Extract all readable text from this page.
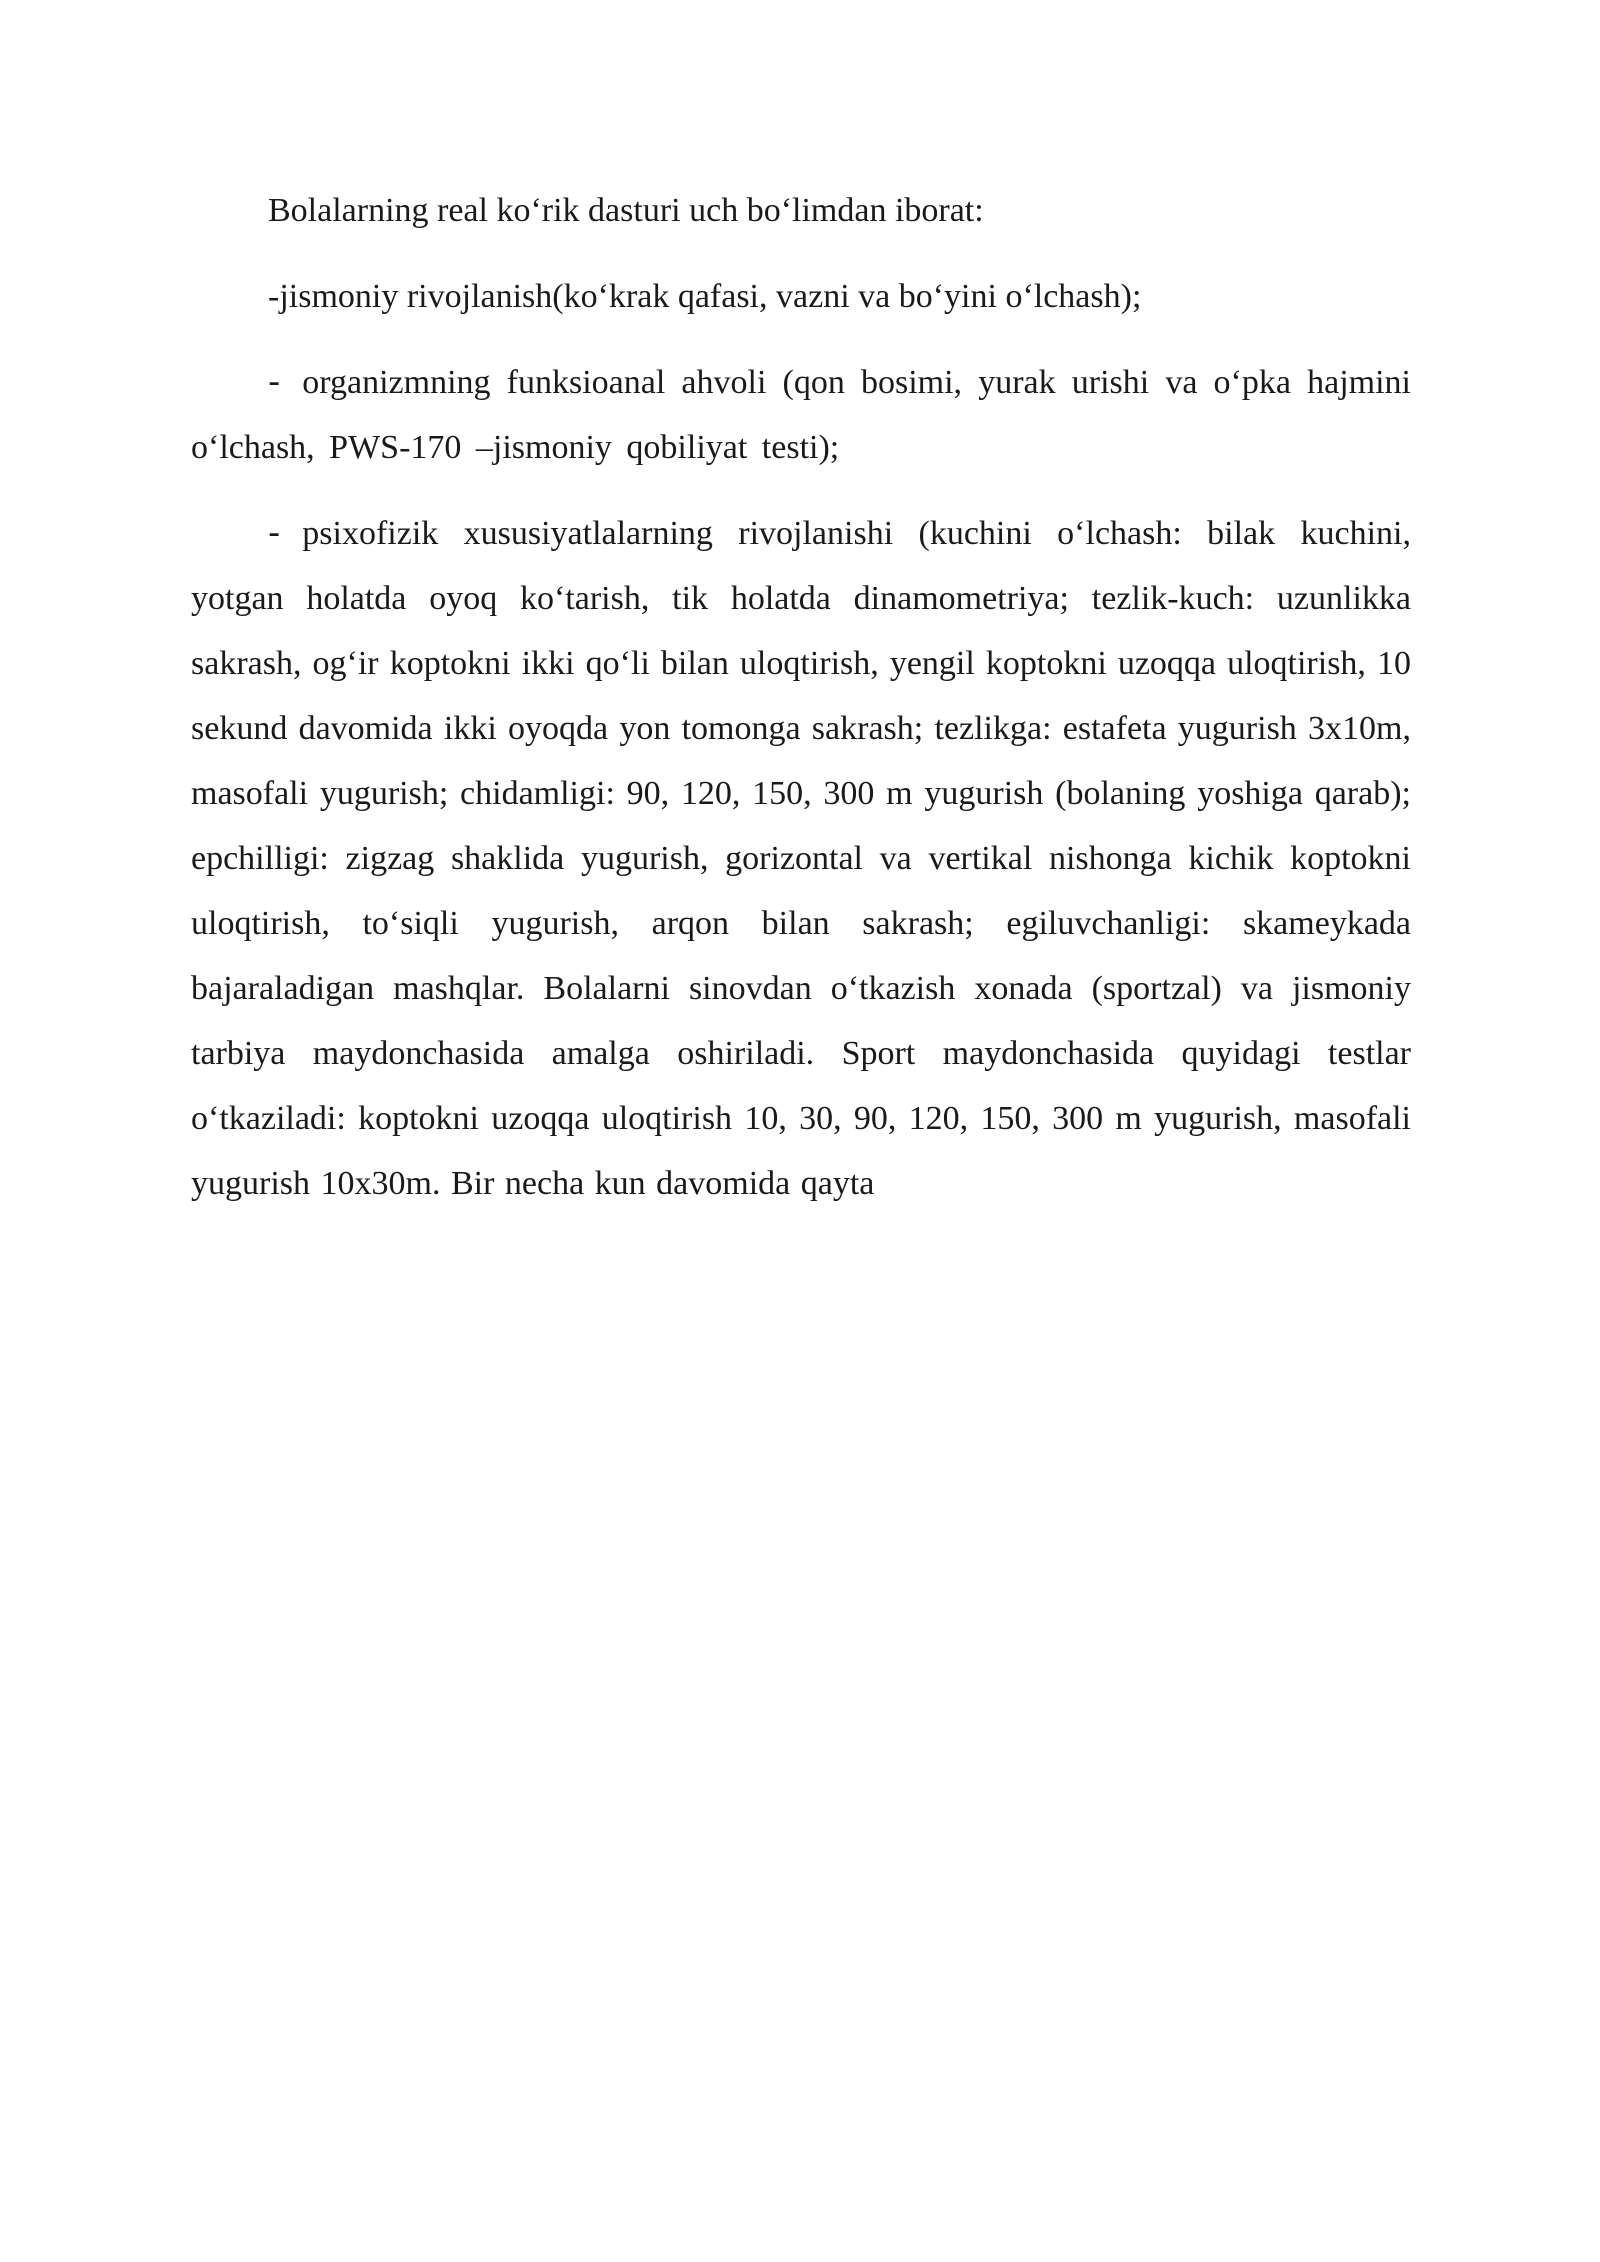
Bolalarning real ko‘rik dasturi uch bo‘limdan iborat:

-jismoniy rivojlanish(ko‘krak qafasi, vazni va bo‘yini o‘lchash);

- organizmning funksioanal ahvoli (qon bosimi, yurak urishi va o‘pka hajmini o‘lchash, PWS-170 –jismoniy qobiliyat testi);

- psixofizik xususiyatlalarning rivojlanishi (kuchini o‘lchash: bilak kuchini, yotgan holatda oyoq ko‘tarish, tik holatda dinamometriya; tezlik-kuch: uzunlikka sakrash, og‘ir koptokni ikki qo‘li bilan uloqtirish, yengil koptokni uzoqqa uloqtirish, 10 sekund davomida ikki oyoqda yon tomonga sakrash; tezlikga: estafeta yugurish 3x10m, masofali yugurish; chidamligi: 90, 120, 150, 300 m yugurish (bolaning yoshiga qarab); epchilligi: zigzag shaklida yugurish, gorizontal va vertikal nishonga kichik koptokni uloqtirish, to‘siqli yugurish, arqon bilan sakrash; egiluvchanligi: skameykada bajaraladigan mashqlar. Bolalarni sinovdan o‘tkazish xonada (sportzal) va jismoniy tarbiya maydonchasida amalga oshiriladi. Sport maydonchasida quyidagi testlar o‘tkaziladi: koptokni uzoqqa uloqtirish 10, 30, 90, 120, 150, 300 m yugurish, masofali yugurish 10x30m. Bir necha kun davomida qayta
